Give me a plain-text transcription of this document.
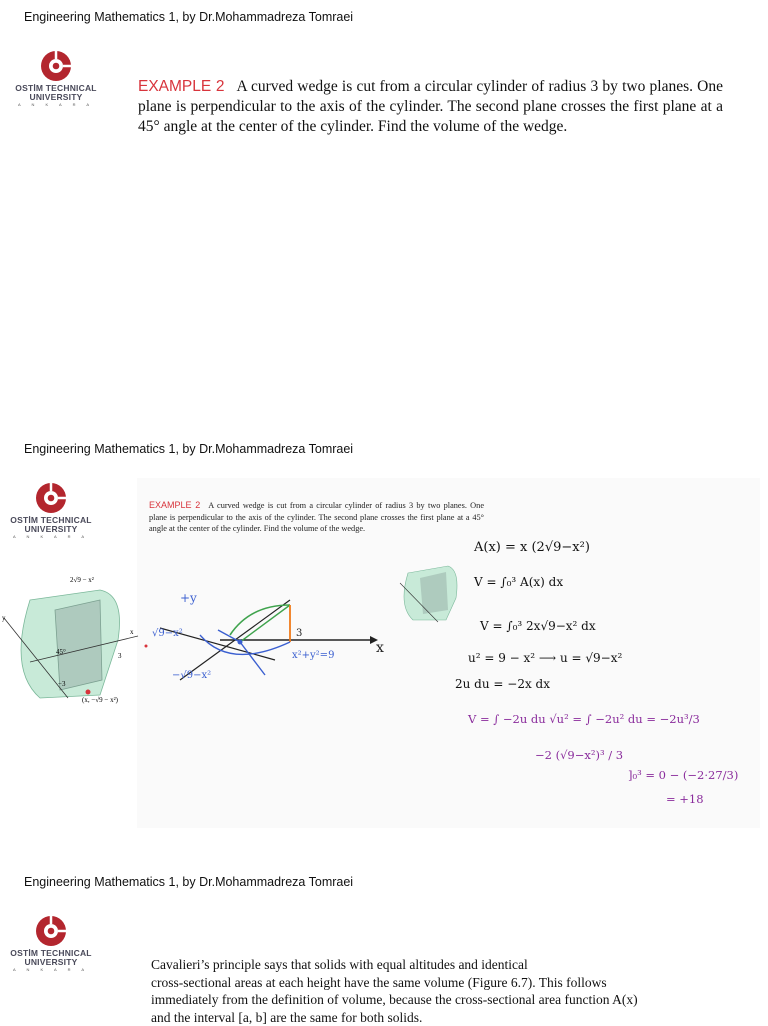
Engineering Mathematics 1, by Dr.Mohammadreza Tomraei
OSTİM TECHNICAL
UNIVERSITY
A N K A R A
EXAMPLE 2 A curved wedge is cut from a circular cylinder of radius 3 by two planes. One plane is perpendicular to the axis of the cylinder. The second plane crosses the first plane at a 45° angle at the center of the cylinder. Find the volume of the wedge.
Engineering Mathematics 1, by Dr.Mohammadreza Tomraei
OSTİM TECHNICAL
UNIVERSITY
A N K A R A
EXAMPLE 2 A curved wedge is cut from a circular cylinder of radius 3 by two planes. One plane is perpendicular to the axis of the cylinder. The second plane crosses the first plane at a 45° angle at the center of the cylinder. Find the volume of the wedge.
2√9 − x²
45°
x
y
3
−3
(x, −√9 − x²)
+y
√9−x²
−√9−x²
3
x²+y²=9	x
A(x) = x (2√9−x²)
V = ∫₀³ A(x) dx
V = ∫₀³ 2x√9−x² dx
u² = 9 − x² ⟶ u = √9−x²
2u du = −2x dx
V = ∫ −2u du √u² = ∫ −2u² du = −2u³/3
−2 (√9−x²)³ / 3
]₀³ = 0 − (−2·27/3)
= +18
Engineering Mathematics 1, by Dr.Mohammadreza Tomraei
OSTİM TECHNICAL
UNIVERSITY
A N K A R A	Cavalieri’s principle says that solids with equal altitudes and identical
cross-sectional areas at each height have the same volume (Figure 6.7). This follows
immediately from the definition of volume, because the cross-sectional area function A(x)
and the interval [a, b] are the same for both solids.
